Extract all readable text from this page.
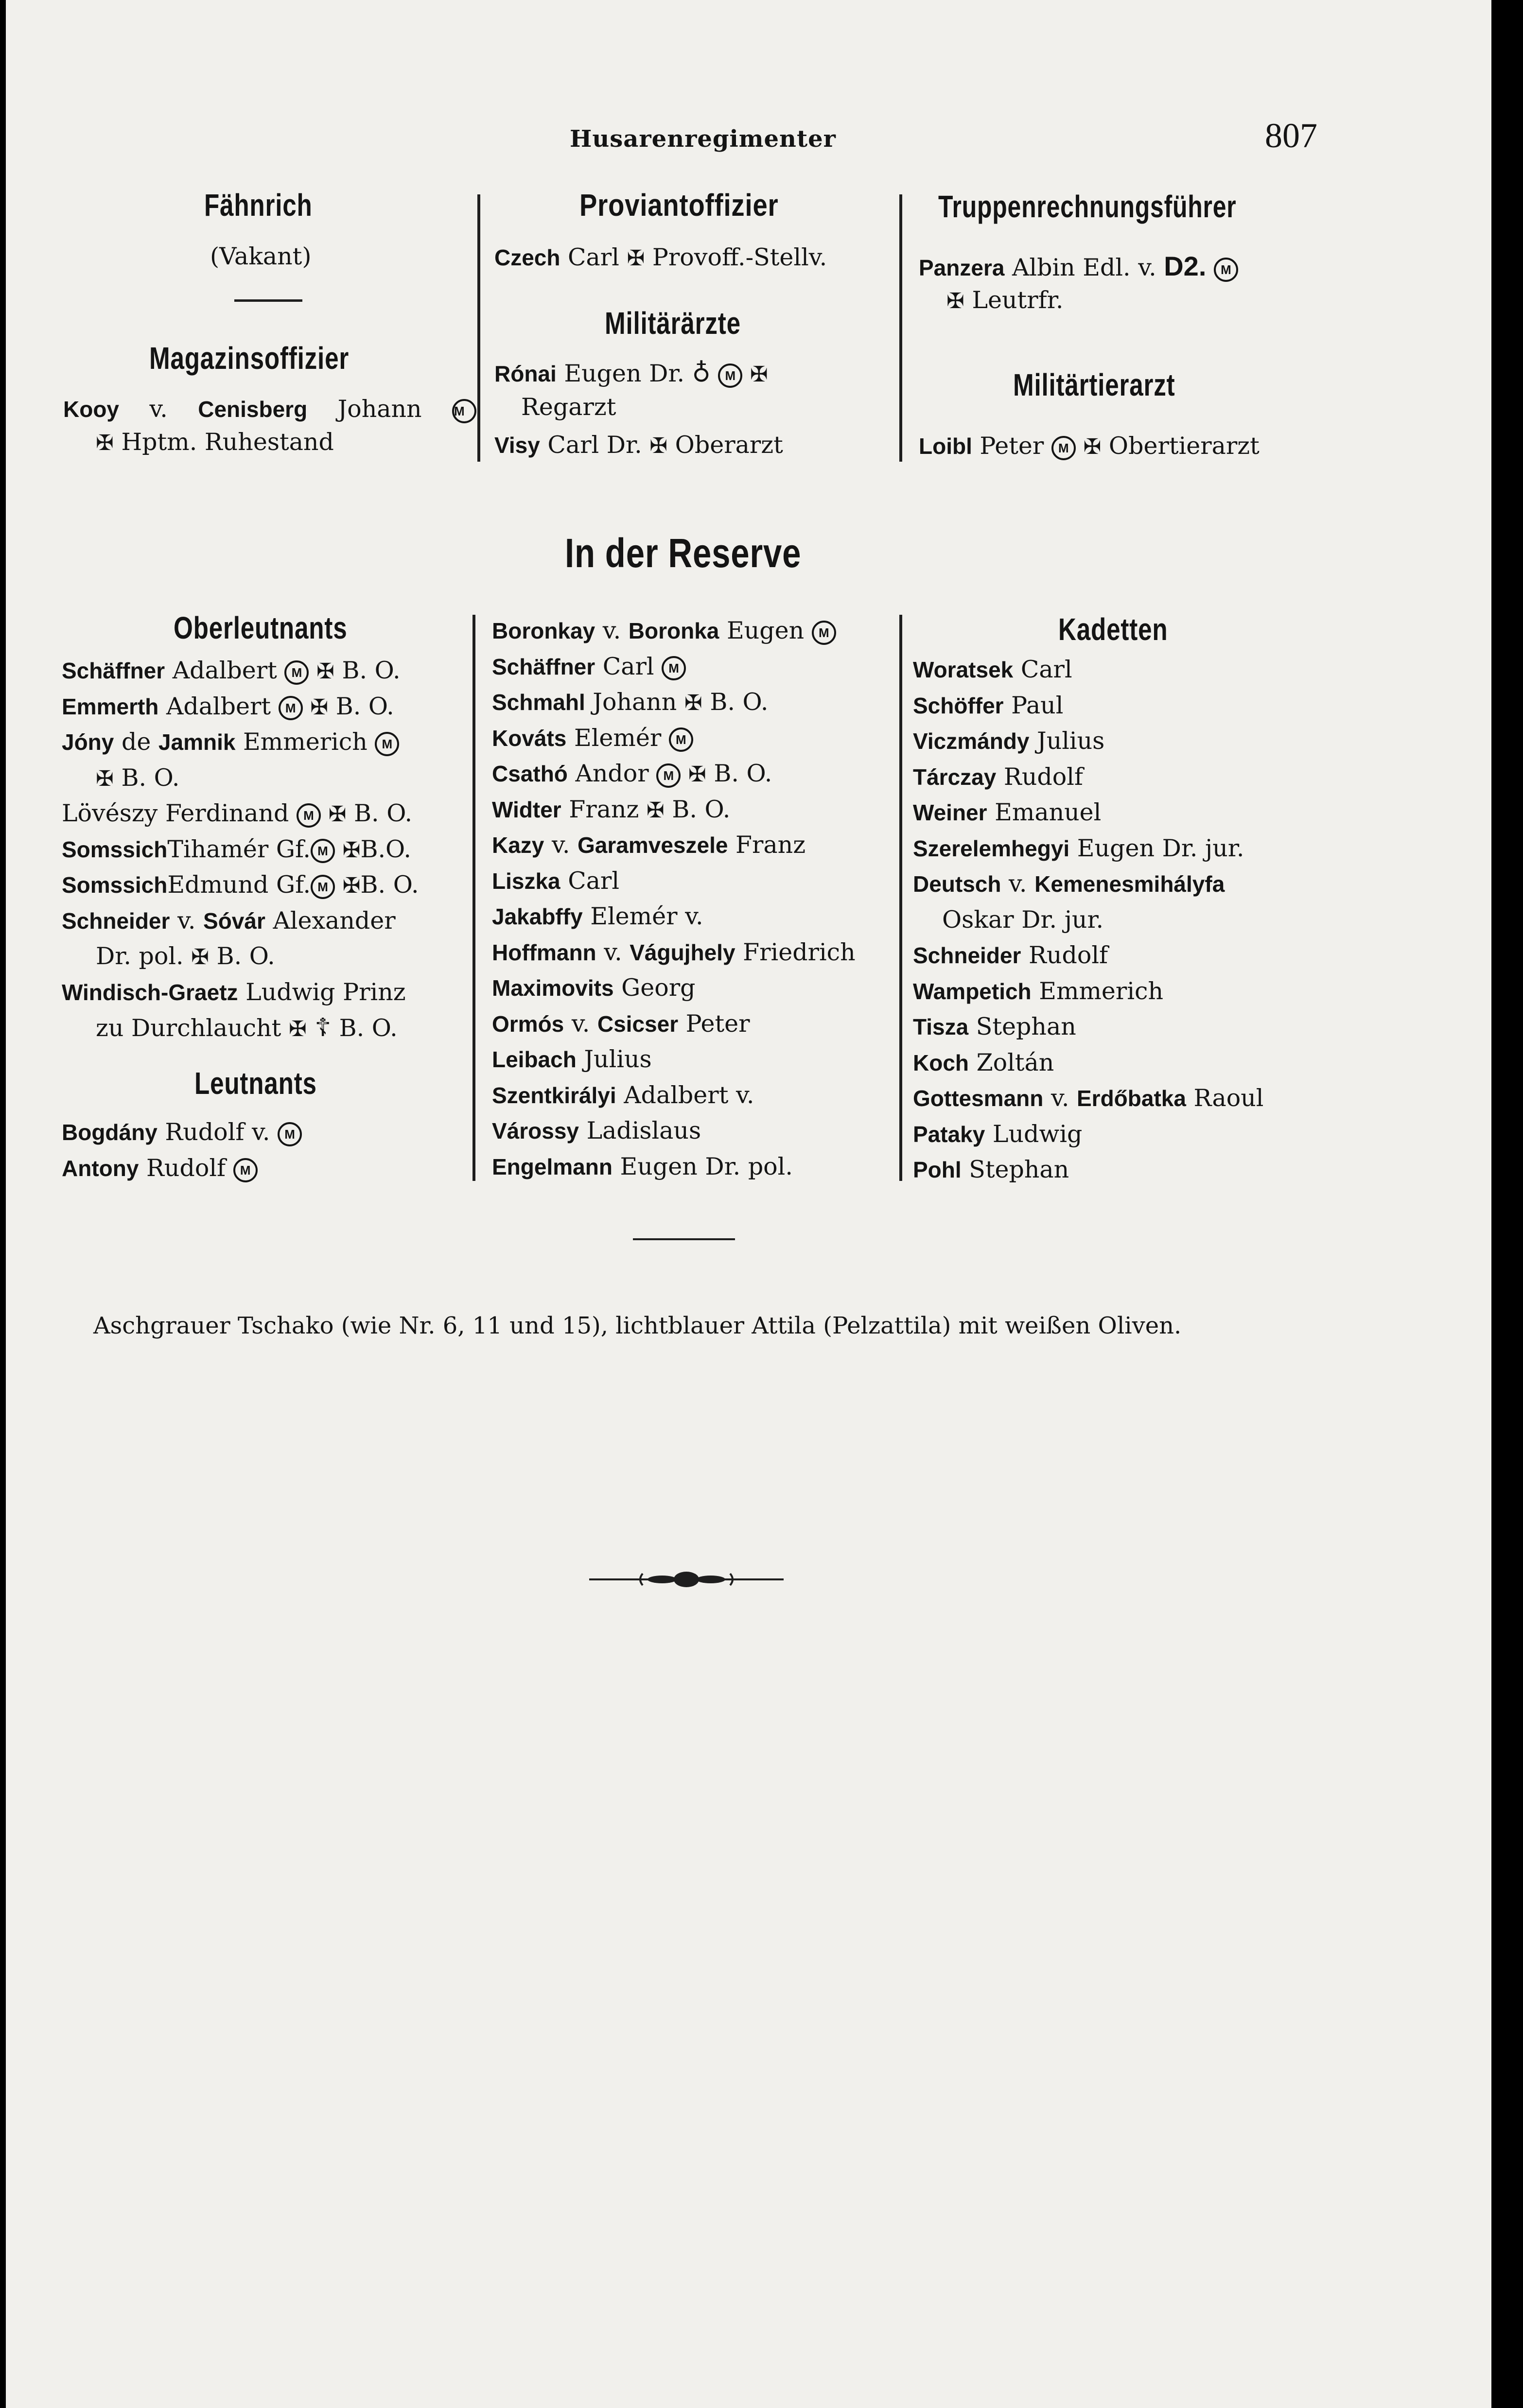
Husarenregimenter	807
Fähnrich
(Vakant)
Magazinsoffizier
Kooy v. Cenisberg Johann M
✠ Hptm. Ruhestand
Proviantoffizier
Czech Carl ✠ Provoff.-Stellv.
Militärärzte
Rónai Eugen Dr. ♁ M ✠
Regarzt
Visy Carl Dr. ✠ Oberarzt
Truppenrechnungsführer
Panzera Albin Edl. v. D2. M
✠ Leutrfr.
Militärtierarzt
Loibl Peter M ✠ Obertierarzt
In der Reserve
Oberleutnants
Schäffner Adalbert M ✠ B. O.
Emmerth Adalbert M ✠ B. O.
Jóny de Jamnik Emmerich M
✠ B. O.
Lövészy Ferdinand M ✠ B. O.
SomssichTihamér Gf. M ✠B.O.
SomssichEdmund Gf. M ✠B. O.
Schneider v. Sóvár Alexander
Dr. pol. ✠ B. O.
Windisch-Graetz Ludwig Prinz
zu Durchlaucht ✠ ☦ B. O.
Leutnants
Bogdány Rudolf v. M
Antony Rudolf M
Boronkay v. Boronka Eugen M
Schäffner Carl M
Schmahl Johann ✠ B. O.
Kováts Elemér M
Csathó Andor M ✠ B. O.
Widter Franz ✠ B. O.
Kazy v. Garamveszele Franz
Liszka Carl
Jakabffy Elemér v.
Hoffmann v. Vágujhely Friedrich
Maximovits Georg
Ormós v. Csicser Peter
Leibach Julius
Szentkirályi Adalbert v.
Várossy Ladislaus
Engelmann Eugen Dr. pol.
Kadetten
Woratsek Carl
Schöffer Paul
Viczmándy Julius
Tárczay Rudolf
Weiner Emanuel
Szerelemhegyi Eugen Dr. jur.
Deutsch v. Kemenesmihályfa
Oskar Dr. jur.
Schneider Rudolf
Wampetich Emmerich
Tisza Stephan
Koch Zoltán
Gottesmann v. Erdőbatka Raoul
Pataky Ludwig
Pohl Stephan
Aschgrauer Tschako (wie Nr. 6, 11 und 15), lichtblauer Attila (Pelzattila) mit weißen Oliven.
